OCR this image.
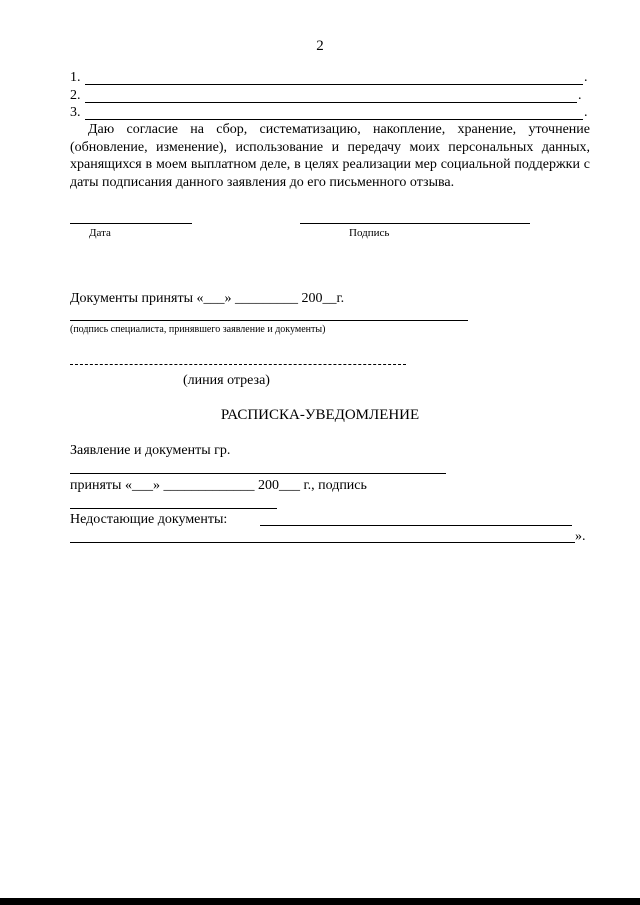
2
1.	.
2.	.
3.	.
Даю согласие на сбор, систематизацию, накопление, хранение, уточнение (обновление, изменение), использование и передачу моих персональных данных, хранящихся в моем выплатном деле, в целях реализации мер социальной поддержки с даты подписания данного заявления до его письменного отзыва.
Дата	Подпись
Документы приняты «___» _________ 200__г.
(подпись специалиста, принявшего заявление и документы)
(линия отреза)
РАСПИСКА-УВЕДОМЛЕНИЕ
Заявление и документы гр.
приняты «___» _____________ 200___ г., подпись
Недостающие документы:
».
